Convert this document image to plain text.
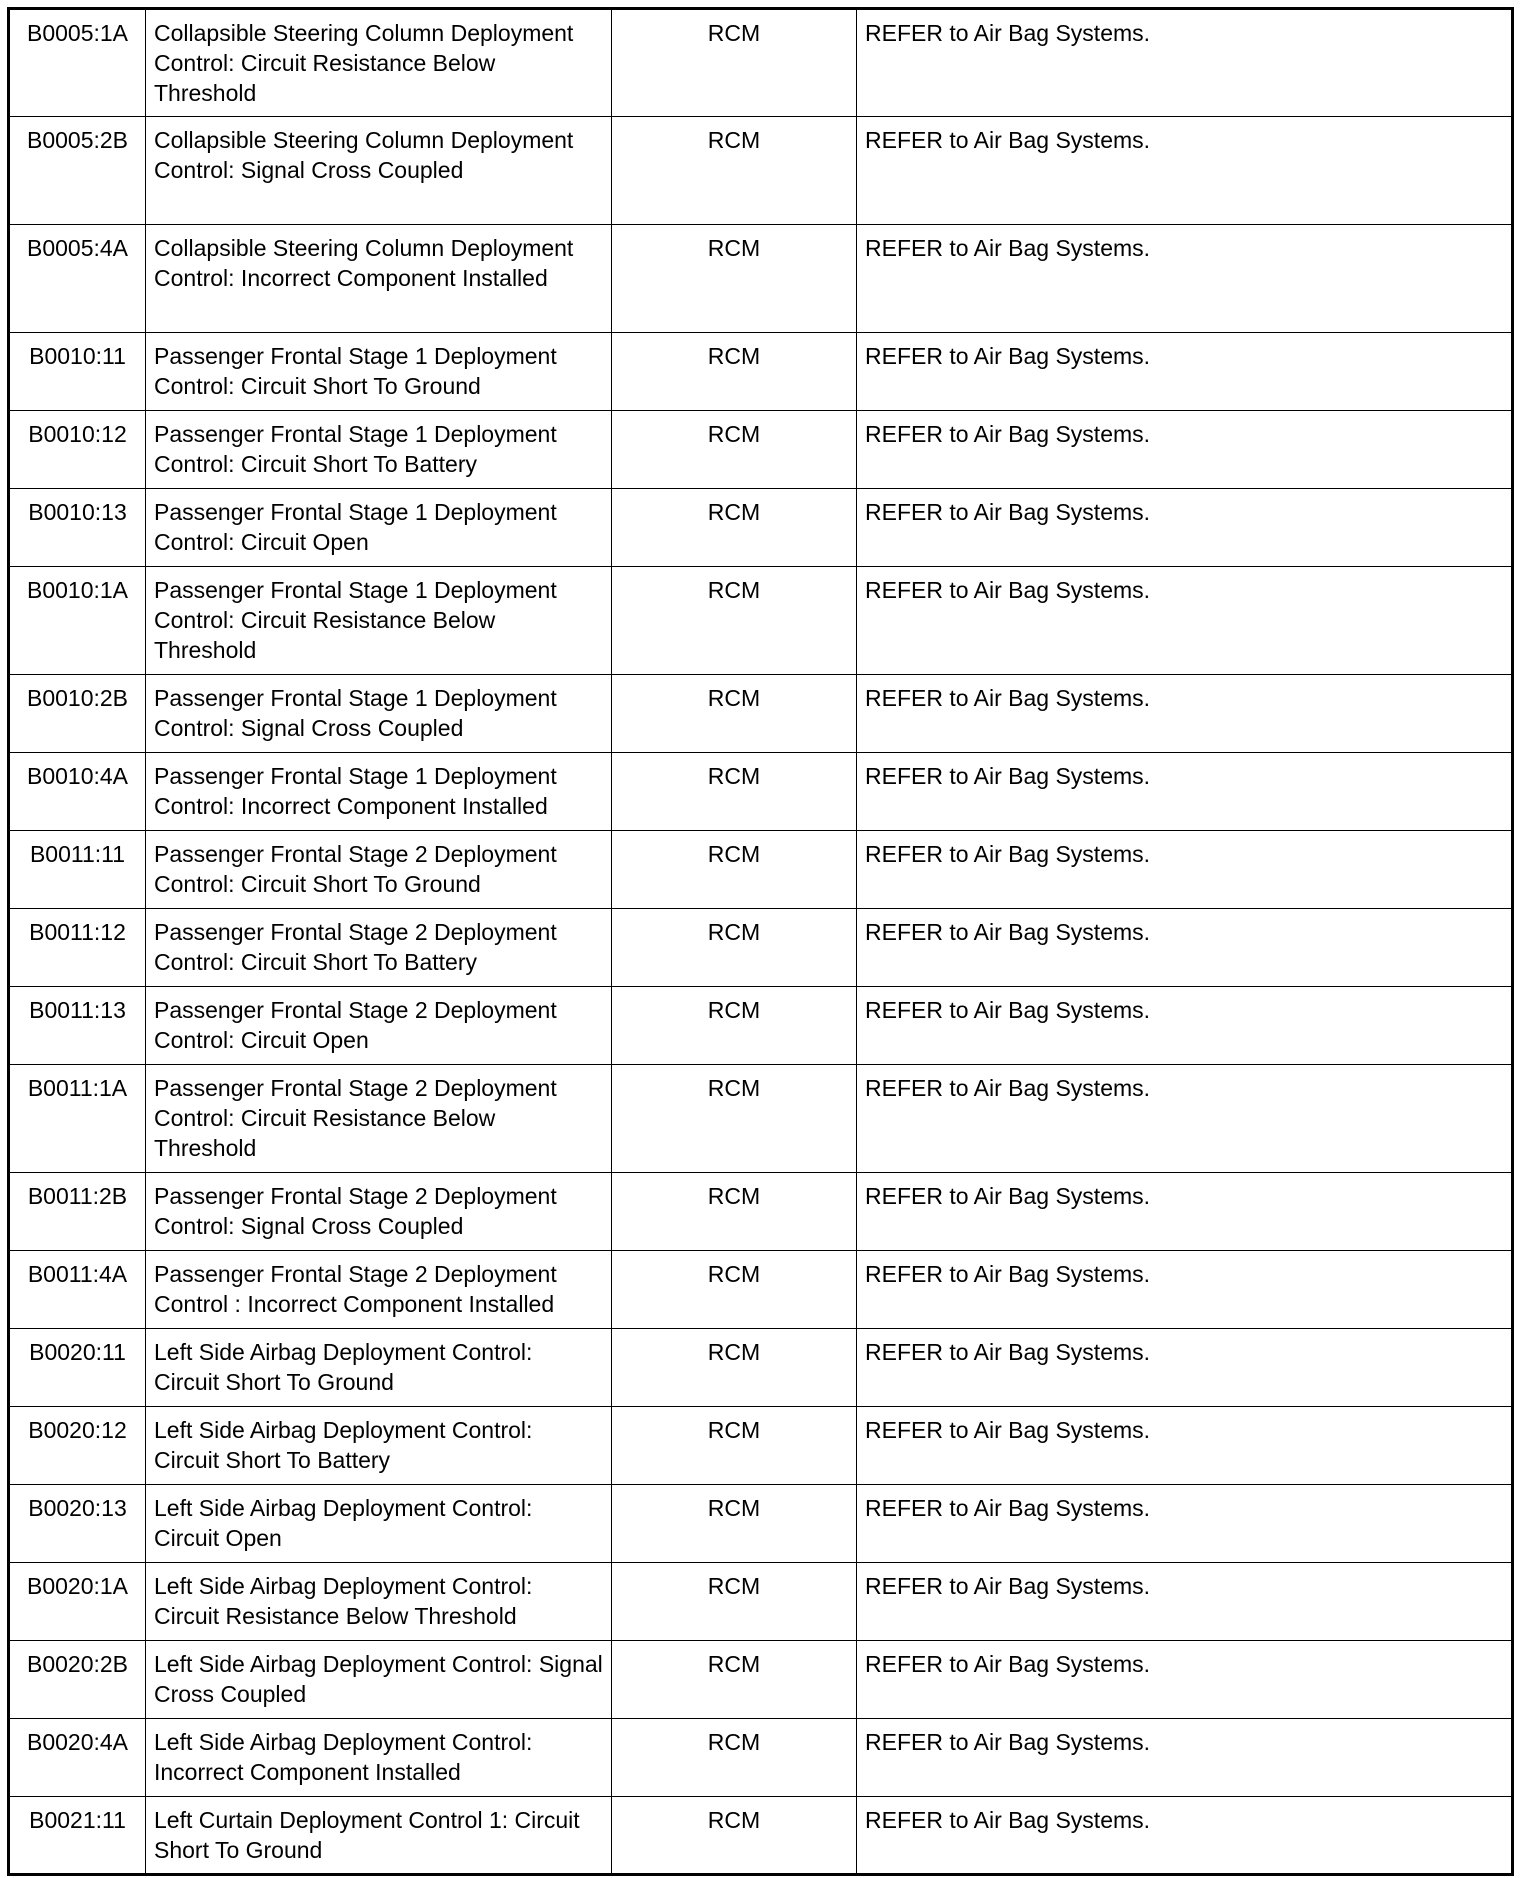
B0005:1A	Collapsible Steering Column Deployment Control: Circuit Resistance Below Threshold	RCM	REFER to Air Bag Systems.
B0005:2B	Collapsible Steering Column Deployment Control: Signal Cross Coupled	RCM	REFER to Air Bag Systems.
B0005:4A	Collapsible Steering Column Deployment Control: Incorrect Component Installed	RCM	REFER to Air Bag Systems.
B0010:11	Passenger Frontal Stage 1 Deployment Control: Circuit Short To Ground	RCM	REFER to Air Bag Systems.
B0010:12	Passenger Frontal Stage 1 Deployment Control: Circuit Short To Battery	RCM	REFER to Air Bag Systems.
B0010:13	Passenger Frontal Stage 1 Deployment Control: Circuit Open	RCM	REFER to Air Bag Systems.
B0010:1A	Passenger Frontal Stage 1 Deployment Control: Circuit Resistance Below Threshold	RCM	REFER to Air Bag Systems.
B0010:2B	Passenger Frontal Stage 1 Deployment Control: Signal Cross Coupled	RCM	REFER to Air Bag Systems.
B0010:4A	Passenger Frontal Stage 1 Deployment Control: Incorrect Component Installed	RCM	REFER to Air Bag Systems.
B0011:11	Passenger Frontal Stage 2 Deployment Control: Circuit Short To Ground	RCM	REFER to Air Bag Systems.
B0011:12	Passenger Frontal Stage 2 Deployment Control: Circuit Short To Battery	RCM	REFER to Air Bag Systems.
B0011:13	Passenger Frontal Stage 2 Deployment Control: Circuit Open	RCM	REFER to Air Bag Systems.
B0011:1A	Passenger Frontal Stage 2 Deployment Control: Circuit Resistance Below Threshold	RCM	REFER to Air Bag Systems.
B0011:2B	Passenger Frontal Stage 2 Deployment Control: Signal Cross Coupled	RCM	REFER to Air Bag Systems.
B0011:4A	Passenger Frontal Stage 2 Deployment Control : Incorrect Component Installed	RCM	REFER to Air Bag Systems.
B0020:11	Left Side Airbag Deployment Control: Circuit Short To Ground	RCM	REFER to Air Bag Systems.
B0020:12	Left Side Airbag Deployment Control: Circuit Short To Battery	RCM	REFER to Air Bag Systems.
B0020:13	Left Side Airbag Deployment Control: Circuit Open	RCM	REFER to Air Bag Systems.
B0020:1A	Left Side Airbag Deployment Control: Circuit Resistance Below Threshold	RCM	REFER to Air Bag Systems.
B0020:2B	Left Side Airbag Deployment Control: Signal Cross Coupled	RCM	REFER to Air Bag Systems.
B0020:4A	Left Side Airbag Deployment Control: Incorrect Component Installed	RCM	REFER to Air Bag Systems.
B0021:11	Left Curtain Deployment Control 1: Circuit Short To Ground	RCM	REFER to Air Bag Systems.
